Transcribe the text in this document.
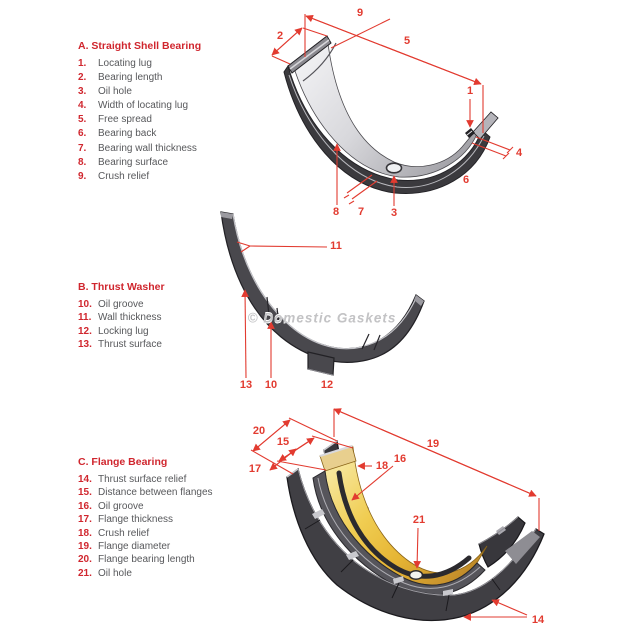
A. Straight Shell Bearing
1.	Locating lug
2.	Bearing length
3.	Oil hole
4.	Width of locating lug
5.	Free spread
6.	Bearing back
7.	Bearing wall thickness
8.	Bearing surface
9.	Crush relief
B. Thrust Washer
10. Oil groove
11. Wall thickness
12. Locking lug
13. Thrust surface
C. Flange Bearing
14. Thrust surface relief
15. Distance between flanges
16. Oil groove
17. Flange thickness
18. Crush relief
19. Flange diameter
20. Flange bearing length
21. Oil hole
9
2	5
1
4
6
8 7 3
11
13 10	12
20
15
17
19
18
16
21
14
© Domestic Gaskets
